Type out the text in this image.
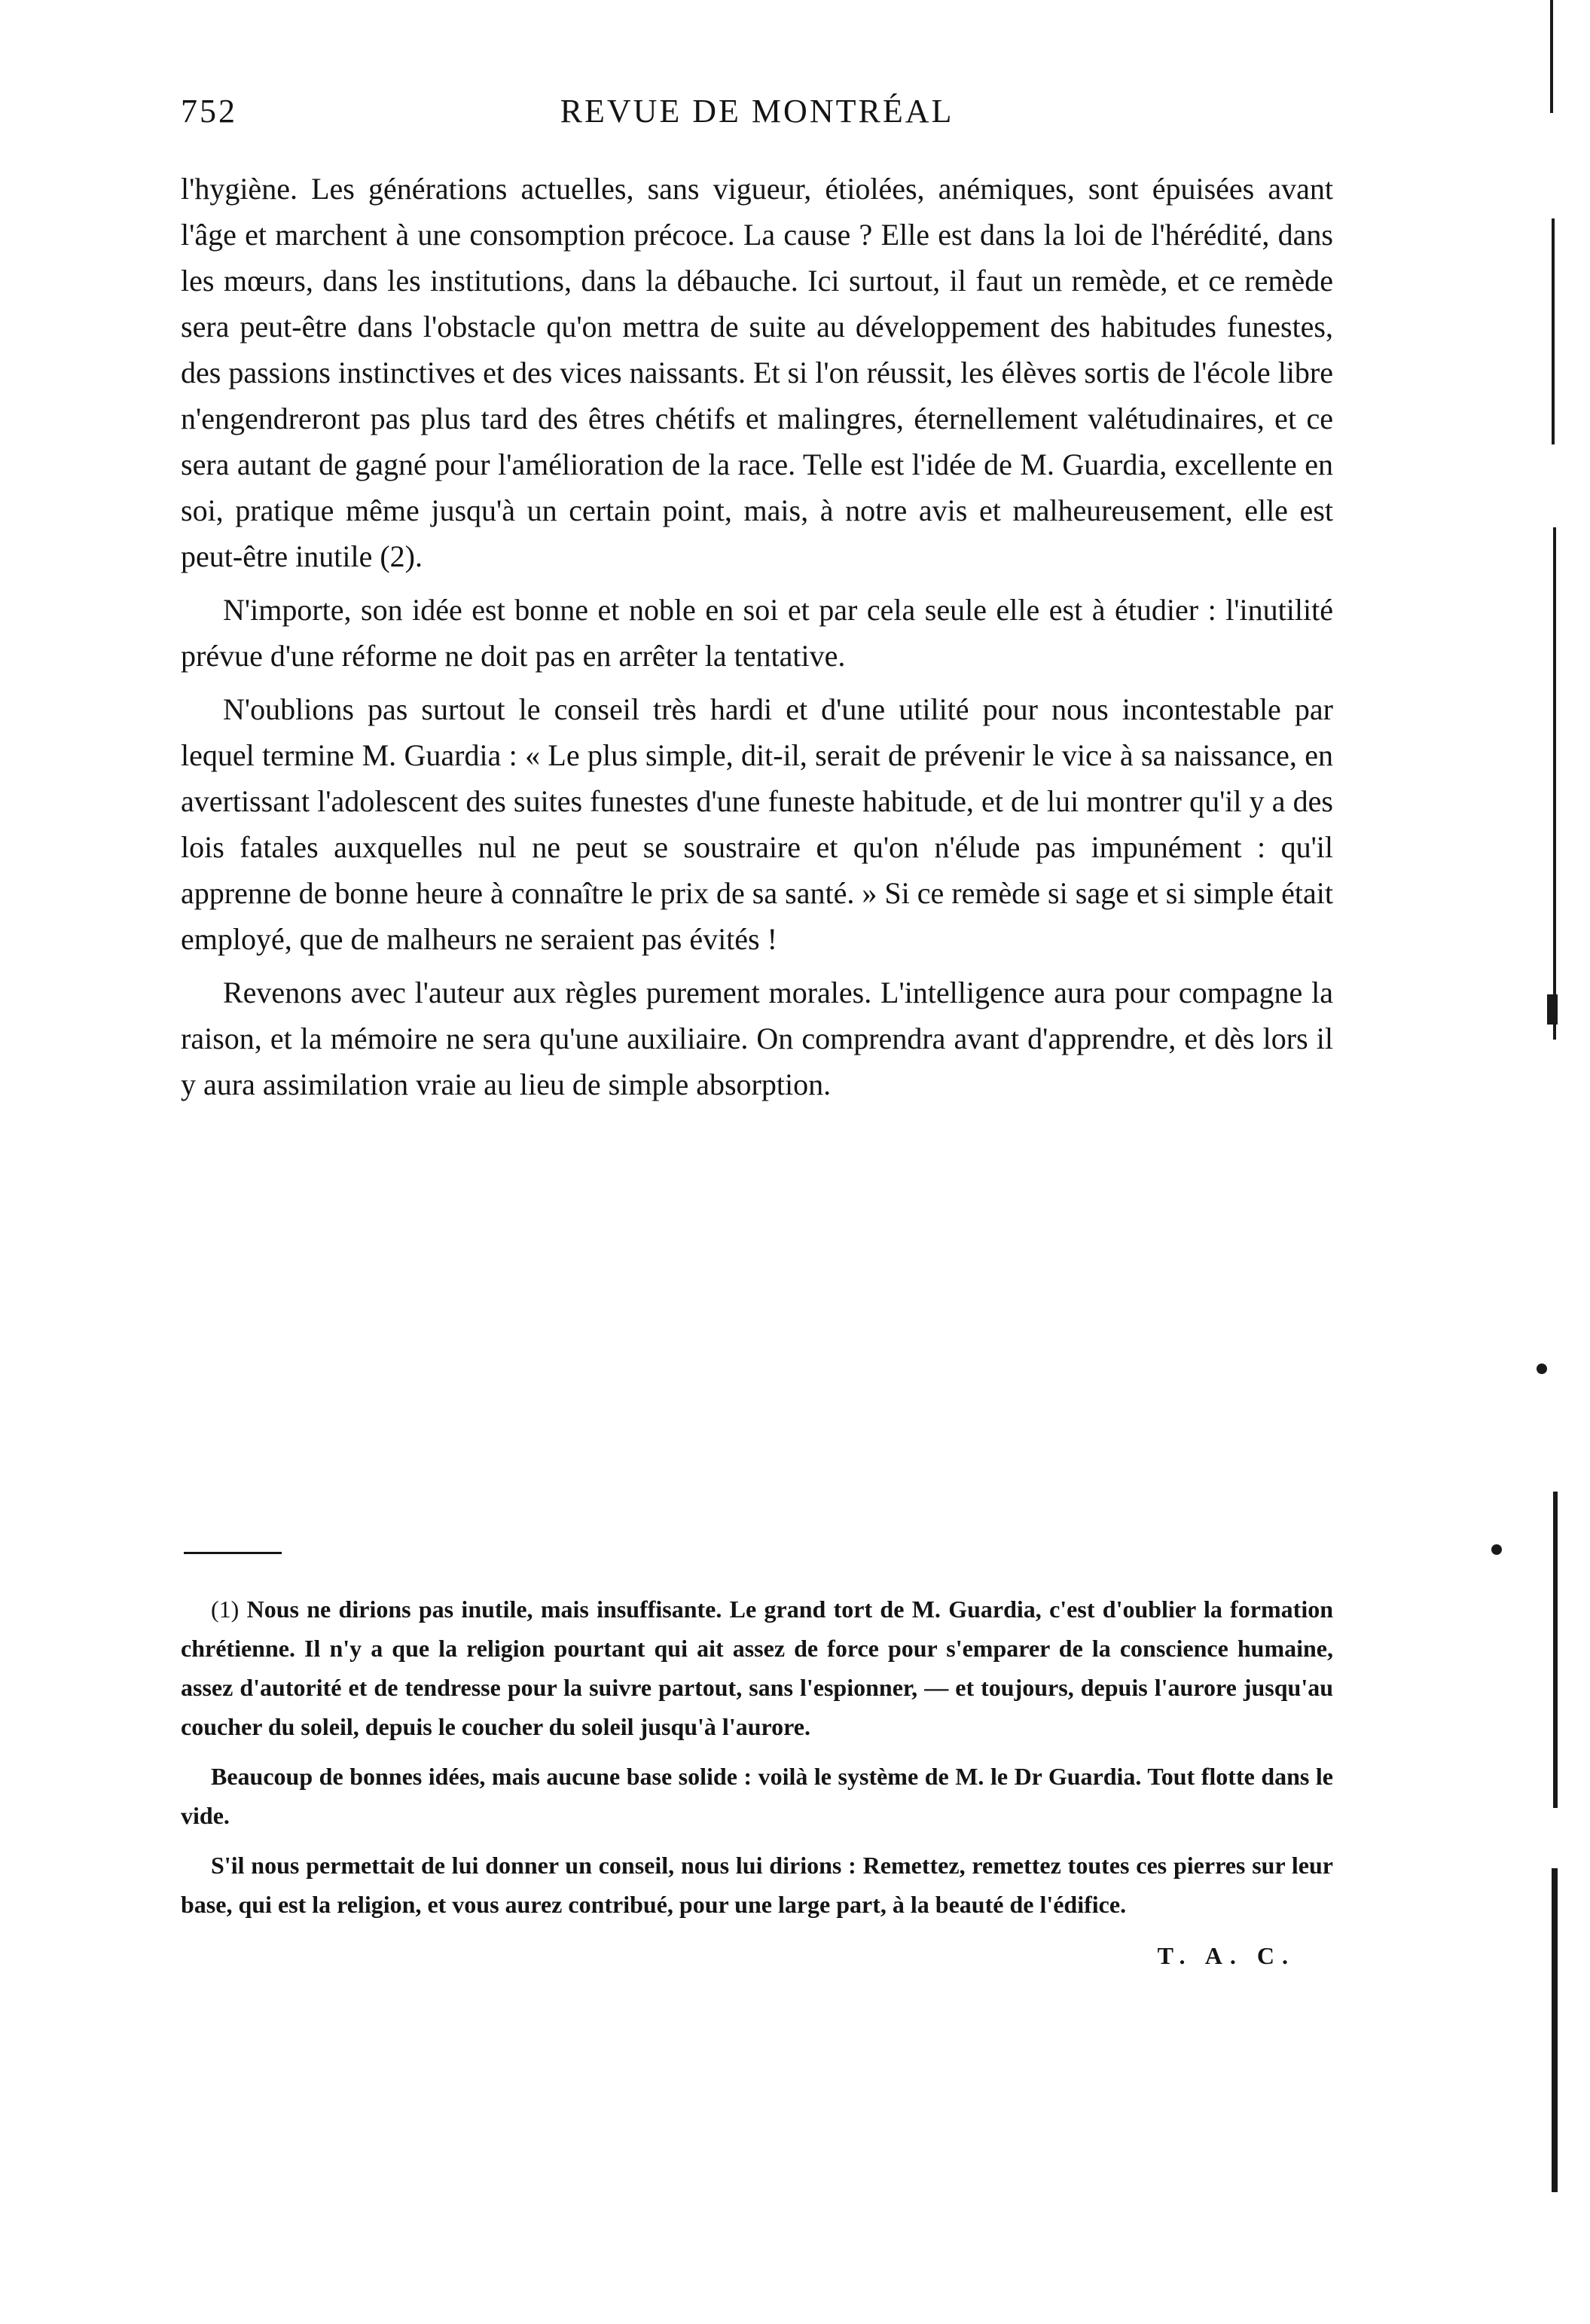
752	REVUE DE MONTRÉAL

l'hygiène. Les générations actuelles, sans vigueur, étiolées, anémiques, sont épuisées avant l'âge et marchent à une consomption précoce. La cause ? Elle est dans la loi de l'hérédité, dans les mœurs, dans les institutions, dans la débauche. Ici surtout, il faut un remède, et ce remède sera peut-être dans l'obstacle qu'on mettra de suite au développement des habitudes funestes, des passions instinctives et des vices naissants. Et si l'on réussit, les élèves sortis de l'école libre n'engendreront pas plus tard des êtres chétifs et malingres, éternellement valétudinaires, et ce sera autant de gagné pour l'amélioration de la race. Telle est l'idée de M. Guardia, excellente en soi, pratique même jusqu'à un certain point, mais, à notre avis et malheureusement, elle est peut-être inutile (2).

N'importe, son idée est bonne et noble en soi et par cela seule elle est à étudier : l'inutilité prévue d'une réforme ne doit pas en arrêter la tentative.

N'oublions pas surtout le conseil très hardi et d'une utilité pour nous incontestable par lequel termine M. Guardia : « Le plus simple, dit-il, serait de prévenir le vice à sa naissance, en avertissant l'adolescent des suites funestes d'une funeste habitude, et de lui montrer qu'il y a des lois fatales auxquelles nul ne peut se soustraire et qu'on n'élude pas impunément : qu'il apprenne de bonne heure à connaître le prix de sa santé. » Si ce remède si sage et si simple était employé, que de malheurs ne seraient pas évités !

Revenons avec l'auteur aux règles purement morales. L'intelligence aura pour compagne la raison, et la mémoire ne sera qu'une auxiliaire. On comprendra avant d'apprendre, et dès lors il y aura assimilation vraie au lieu de simple absorption.

(1) Nous ne dirions pas inutile, mais insuffisante. Le grand tort de M. Guardia, c'est d'oublier la formation chrétienne. Il n'y a que la religion pourtant qui ait assez de force pour s'emparer de la conscience humaine, assez d'autorité et de tendresse pour la suivre partout, sans l'espionner, — et toujours, depuis l'aurore jusqu'au coucher du soleil, depuis le coucher du soleil jusqu'à l'aurore.

Beaucoup de bonnes idées, mais aucune base solide : voilà le système de M. le Dr Guardia. Tout flotte dans le vide.

S'il nous permettait de lui donner un conseil, nous lui dirions : Remettez, remettez toutes ces pierres sur leur base, qui est la religion, et vous aurez contribué, pour une large part, à la beauté de l'édifice.

T. A. C.
